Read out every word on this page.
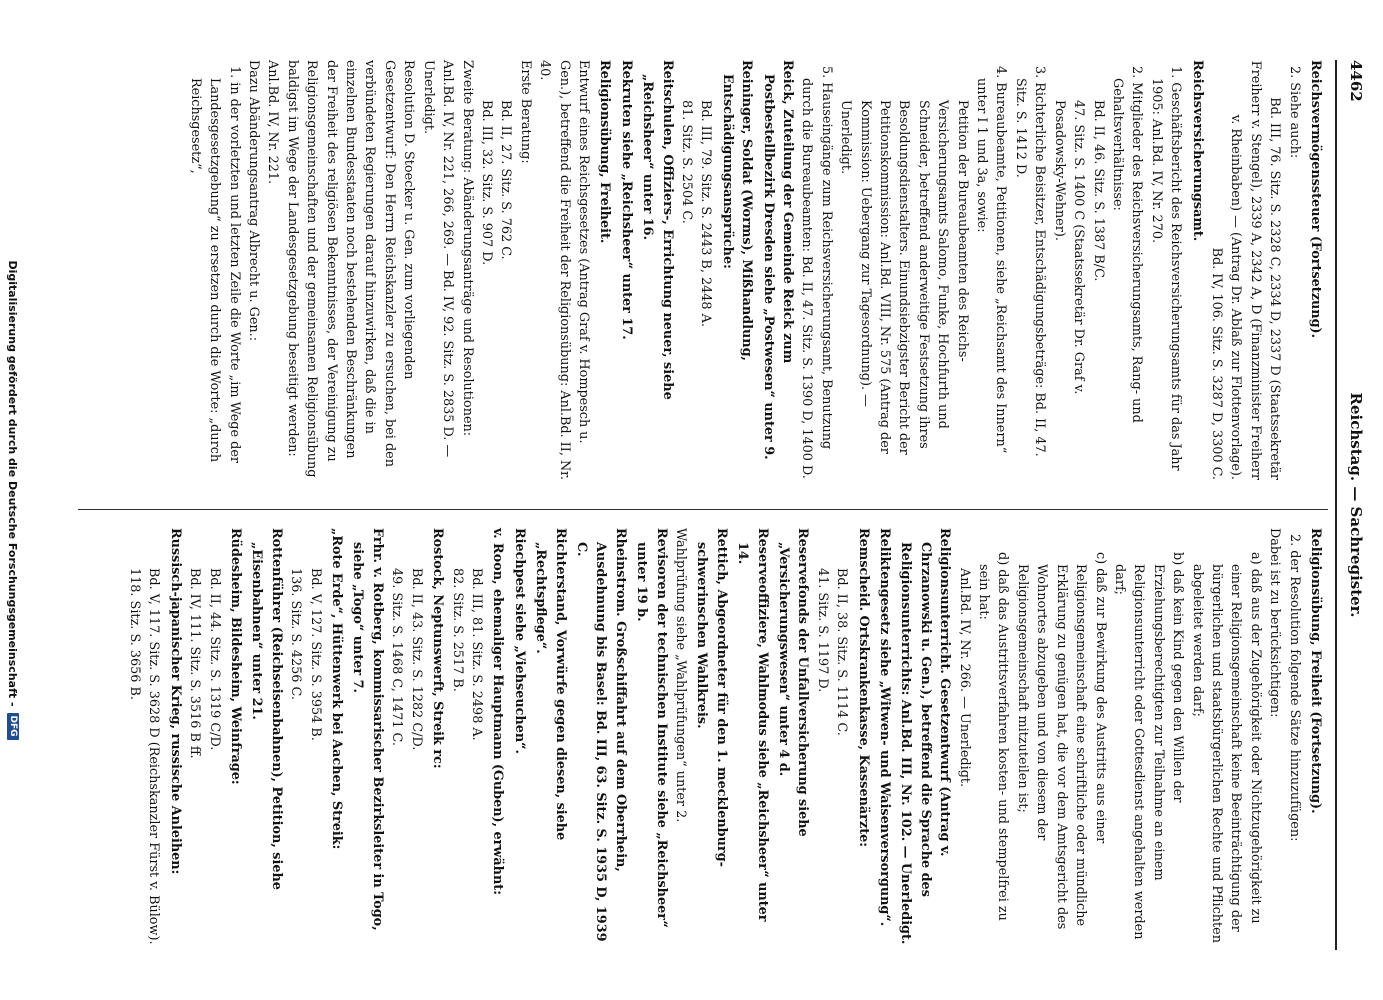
4462
Reichstag. — Sachregister.

Reichsvermögenssteuer (Fortsetzung).

2. Siehe auch:

Bd. III, 76. Sitz. S. 2328 C, 2334 D, 2337 D (Staatssekretär Freiherr v. Stengel), 2339 A, 2342 A, D (Finanzminister Freiherr v. Rheinbaben) — (Antrag Dr. Ablaß zur Flottenvorlage).

Bd. IV, 106. Sitz. S. 3287 D, 3300 C.

Reichsversicherungsamt.

1. Geschäftsbericht des Reichsversicherungsamts für das Jahr 1905: Anl.Bd. IV, Nr. 270.

2. Mitglieder des Reichsversicherungsamts, Rang- und Gehaltsverhältnisse:

Bd. II, 46. Sitz. S. 1387 B/C.

47. Sitz. S. 1400 C (Staatssekretär Dr. Graf v. Posadowsky-Wehner).

3. Richterliche Beisitzer, Entschädigungsbeträge: Bd. II, 47. Sitz. S. 1412 D.

4. Bureaubeamte, Petitionen, siehe „Reichsamt des Innern“ unter I 1 und 3a, sowie:

Petition der Bureaubeamten des Reichs-Versicherungsamts Salomo, Funke, Hochfurth und Schneider, betreffend anderweitige Festsetzung ihres Besoldungsdienstalters. Einundsiebzigster Bericht der Petitionskommission: Anl.Bd. VIII, Nr. 575 (Antrag der Kommission: Uebergang zur Tagesordnung). — Unerledigt.

5. Hauseingänge zum Reichsversicherungsamt, Benutzung durch die Bureaubeamten: Bd. II, 47. Sitz. S. 1390 D, 1400 D.

Reick, Zuteilung der Gemeinde Reick zum Postbestellbezirk Dresden siehe „Postwesen“ unter 9.

Reininger, Soldat (Worms), Mißhandlung, Entschädigungsansprüche:

Bd. III, 79. Sitz. S. 2443 B, 2448 A.

81. Sitz. S. 2504 C.

Reitschulen, Offiziers-, Errichtung neuer, siehe „Reichsheer“ unter 16.

Rekruten siehe „Reichsheer“ unter 17.

Religionsübung, Freiheit.

Entwurf eines Reichsgesetzes (Antrag Graf v. Hompesch u. Gen.), betreffend die Freiheit der Religionsübung: Anl.Bd. II, Nr. 40.

Erste Beratung:

Bd. II, 27. Sitz. S. 762 C.

Bd. III, 32. Sitz. S. 907 D.

Zweite Beratung: Abänderungsanträge und Resolutionen: Anl.Bd. IV, Nr. 221, 266, 269. — Bd. IV, 92. Sitz. S. 2835 D. — Unerledigt.

Resolution D. Stoecker u. Gen. zum vorliegenden Gesetzentwurf: Den Herrn Reichskanzler zu ersuchen, bei den verbündeten Regierungen darauf hinzuwirken, daß die in einzelnen Bundesstaaten noch bestehenden Beschränkungen der Freiheit des religiösen Bekenntnisses, der Vereinigung zu Religionsgemeinschaften und der gemeinsamen Religionsübung baldigst im Wege der Landesgesetzgebung beseitigt werden: Anl.Bd. IV, Nr. 221.

Dazu Abänderungsantrag Albrecht u. Gen.:

1. in der vorletzten und letzten Zeile die Worte „im Wege der Landesgesetzgebung“ zu ersetzen durch die Worte: „durch Reichsgesetz“,

Religionsübung, Freiheit (Fortsetzung).

2. der Resolution folgende Sätze hinzuzufügen:

Dabei ist zu berücksichtigen:

a) daß aus der Zugehörigkeit oder Nichtzugehörigkeit zu einer Religionsgemeinschaft keine Beeinträchtigung der bürgerlichen und staatsbürgerlichen Rechte und Pflichten abgeleitet werden darf;

b) daß kein Kind gegen den Willen der Erziehungsberechtigten zur Teilnahme an einem Religionsunterricht oder Gottesdienst angehalten werden darf;

c) daß zur Bewirkung des Austritts aus einer Religionsgemeinschaft eine schriftliche oder mündliche Erklärung zu genügen hat, die vor dem Amtsgericht des Wohnortes abzugeben und von diesem der Religionsgemeinschaft mitzuteilen ist;

d) daß das Austrittsverfahren kosten- und stempelfrei zu sein hat:

Anl.Bd. IV, Nr. 266. — Unerledigt.

Religionsunterricht. Gesetzentwurf (Antrag v. Chrzanowski u. Gen.), betreffend die Sprache des Religionsunterrichts: Anl.Bd. III, Nr. 102. — Unerledigt.

Reliktengesetz siehe „Witwen- und Waisenversorgung“.

Remscheid. Ortskrankenkasse, Kassenärzte:

Bd. II, 38. Sitz. S. 1114 C.

41. Sitz. S. 1197 D.

Reservefonds der Unfallversicherung siehe „Versicherungswesen“ unter 4 d.

Reserveoffiziere, Wahlmodus siehe „Reichsheer“ unter 14.

Rettich, Abgeordneter für den 1. mecklenburg-schwerinschen Wahlkreis.

Wahlprüfung siehe „Wahlprüfungen“ unter 2.

Revisoren der technischen Institute siehe „Reichsheer“ unter 19 b.

Rheinstrom. Großschiffahrt auf dem Oberrhein, Ausdehnung bis Basel: Bd. III, 63. Sitz. S. 1935 D, 1939 C.

Richterstand, Vorwürfe gegen diesen, siehe „Rechtspflege“.

Riechpest siehe „Viehseuchen“.

v. Roon, ehemaliger Hauptmann (Guben), erwähnt:

Bd. III, 81. Sitz. S. 2498 A.

82. Sitz. S. 2517 B.

Rostock, Neptunswerft, Streik rc:

Bd. II, 43. Sitz. S. 1282 C/D.

49. Sitz. S. 1468 C, 1471 C.

Frhr. v. Rotberg, kommissarischer Bezirksleiter in Togo, siehe „Togo“ unter 7.

„Rote Erde“, Hüttenwerk bei Aachen, Streik:

Bd. V, 127. Sitz. S. 3954 B.

136. Sitz. S. 4256 C.

Rottenführer (Reichseisenbahnen), Petition, siehe „Eisenbahnen“ unter 21.

Rüdesheim, Bildesheim, Weinfrage:

Bd. II, 44. Sitz. S. 1319 C/D.

Bd. IV, 111. Sitz. S. 3516 B ff.

Russisch-japanischer Krieg, russische Anleihen:

Bd. V, 117. Sitz. S. 3628 D (Reichskanzler Fürst v. Bülow).

118. Sitz. S. 3656 B.

Digitalisierung gefördert durch die Deutsche Forschungsgemeinschaft -
DFG
